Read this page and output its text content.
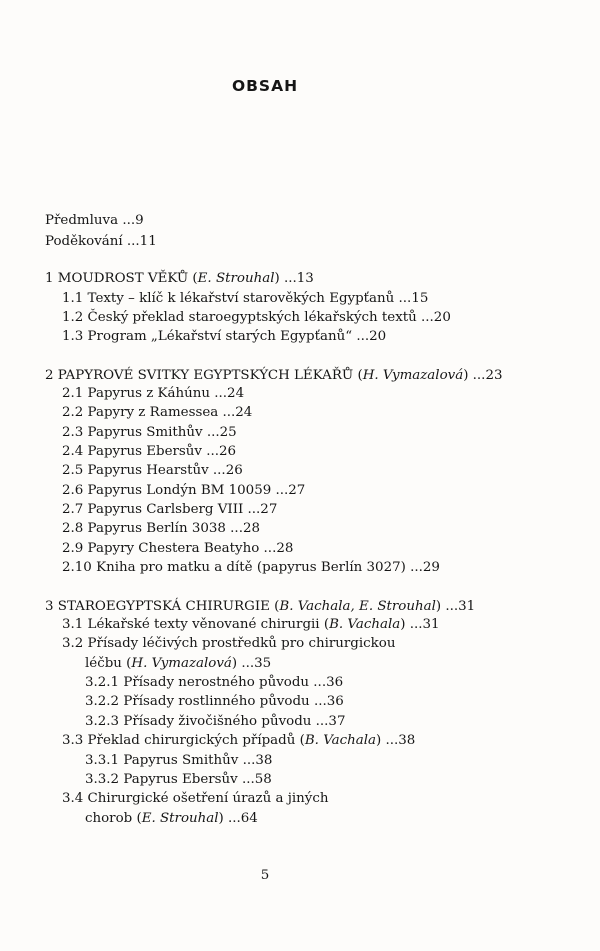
OBSAH
Předmluva ...9
Poděkování ...11
1 MOUDROST VĚKŮ (E. Strouhal) ...13
1.1 Texty – klíč k lékařství starověkých Egypťanů ...15
1.2 Český překlad staroegyptských lékařských textů ...20
1.3 Program „Lékařství starých Egypťanů“ ...20
2 PAPYROVÉ SVITKY EGYPTSKÝCH LÉKAŘŮ (H. Vymazalová) ...23
2.1 Papyrus z Káhúnu ...24
2.2 Papyry z Ramessea ...24
2.3 Papyrus Smithův ...25
2.4 Papyrus Ebersův ...26
2.5 Papyrus Hearstův ...26
2.6 Papyrus Londýn BM 10059 ...27
2.7 Papyrus Carlsberg VIII ...27
2.8 Papyrus Berlín 3038 ...28
2.9 Papyry Chestera Beatyho ...28
2.10 Kniha pro matku a dítě (papyrus Berlín 3027) ...29
3 STAROEGYPTSKÁ CHIRURGIE (B. Vachala, E. Strouhal) ...31
3.1 Lékařské texty věnované chirurgii (B. Vachala) ...31
3.2 Přísady léčivých prostředků pro chirurgickou
léčbu (H. Vymazalová) ...35
3.2.1 Přísady nerostného původu ...36
3.2.2 Přísady rostlinného původu ...36
3.2.3 Přísady živočišného původu ...37
3.3 Překlad chirurgických případů (B. Vachala) ...38
3.3.1 Papyrus Smithův ...38
3.3.2 Papyrus Ebersův ...58
3.4 Chirurgické ošetření úrazů a jiných
chorob (E. Strouhal) ...64
5
